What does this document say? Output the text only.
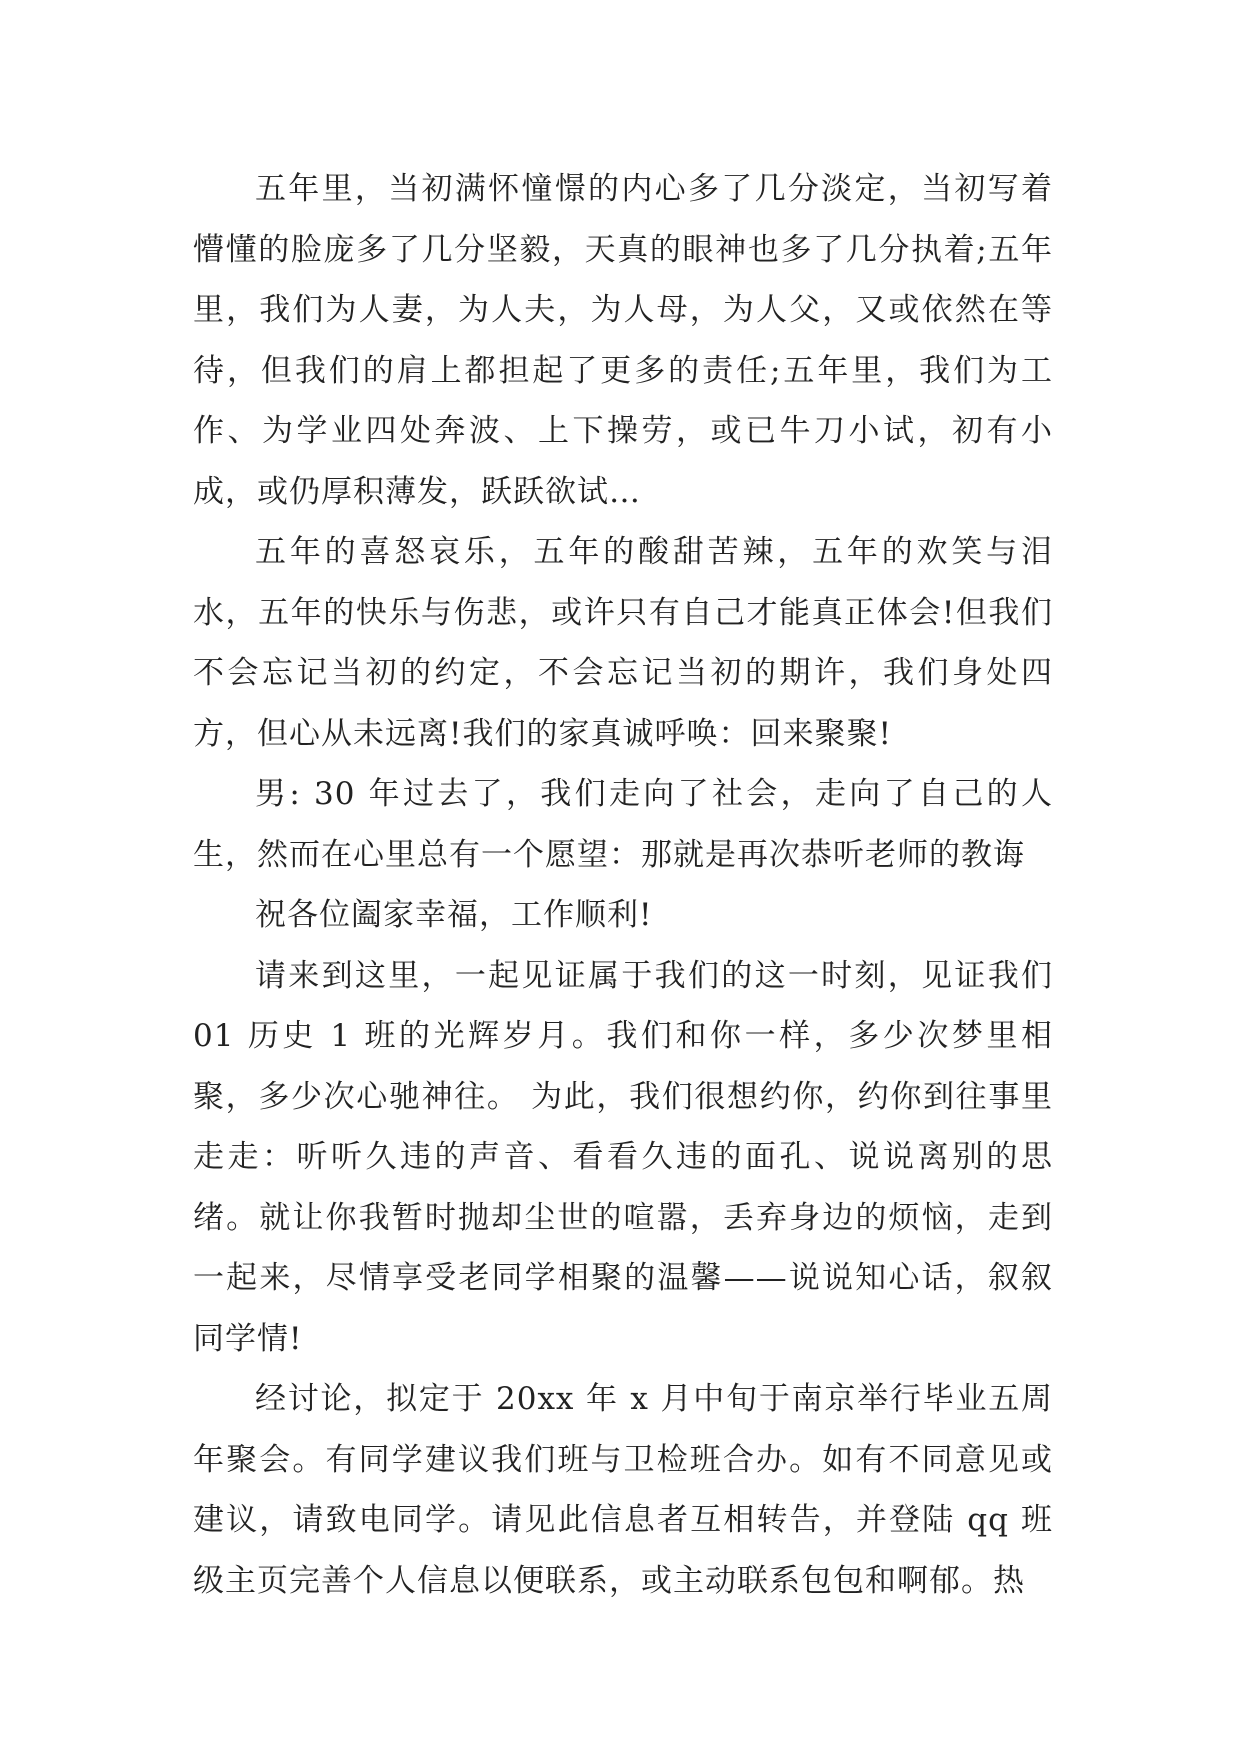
五年里，当初满怀憧憬的内心多了几分淡定，当初写着懵懂的脸庞多了几分坚毅，天真的眼神也多了几分执着;五年里，我们为人妻，为人夫，为人母，为人父，又或依然在等待，但我们的肩上都担起了更多的责任;五年里，我们为工作、为学业四处奔波、上下操劳，或已牛刀小试，初有小成，或仍厚积薄发，跃跃欲试…

五年的喜怒哀乐，五年的酸甜苦辣，五年的欢笑与泪水，五年的快乐与伤悲，或许只有自己才能真正体会!但我们不会忘记当初的约定，不会忘记当初的期许，我们身处四方，但心从未远离!我们的家真诚呼唤：回来聚聚!

男: 30 年过去了，我们走向了社会，走向了自己的人生，然而在心里总有一个愿望：那就是再次恭听老师的教诲

祝各位阖家幸福，工作顺利!

请来到这里，一起见证属于我们的这一时刻，见证我们 01 历史 1 班的光辉岁月。我们和你一样，多少次梦里相聚，多少次心驰神往。 为此，我们很想约你，约你到往事里走走：听听久违的声音、看看久违的面孔、说说离别的思绪。就让你我暂时抛却尘世的喧嚣，丢弃身边的烦恼，走到一起来，尽情享受老同学相聚的温馨——说说知心话，叙叙同学情!

经讨论，拟定于 20xx 年 x 月中旬于南京举行毕业五周年聚会。有同学建议我们班与卫检班合办。如有不同意见或建议，请致电同学。请见此信息者互相转告，并登陆 qq 班级主页完善个人信息以便联系，或主动联系包包和啊郁。热
